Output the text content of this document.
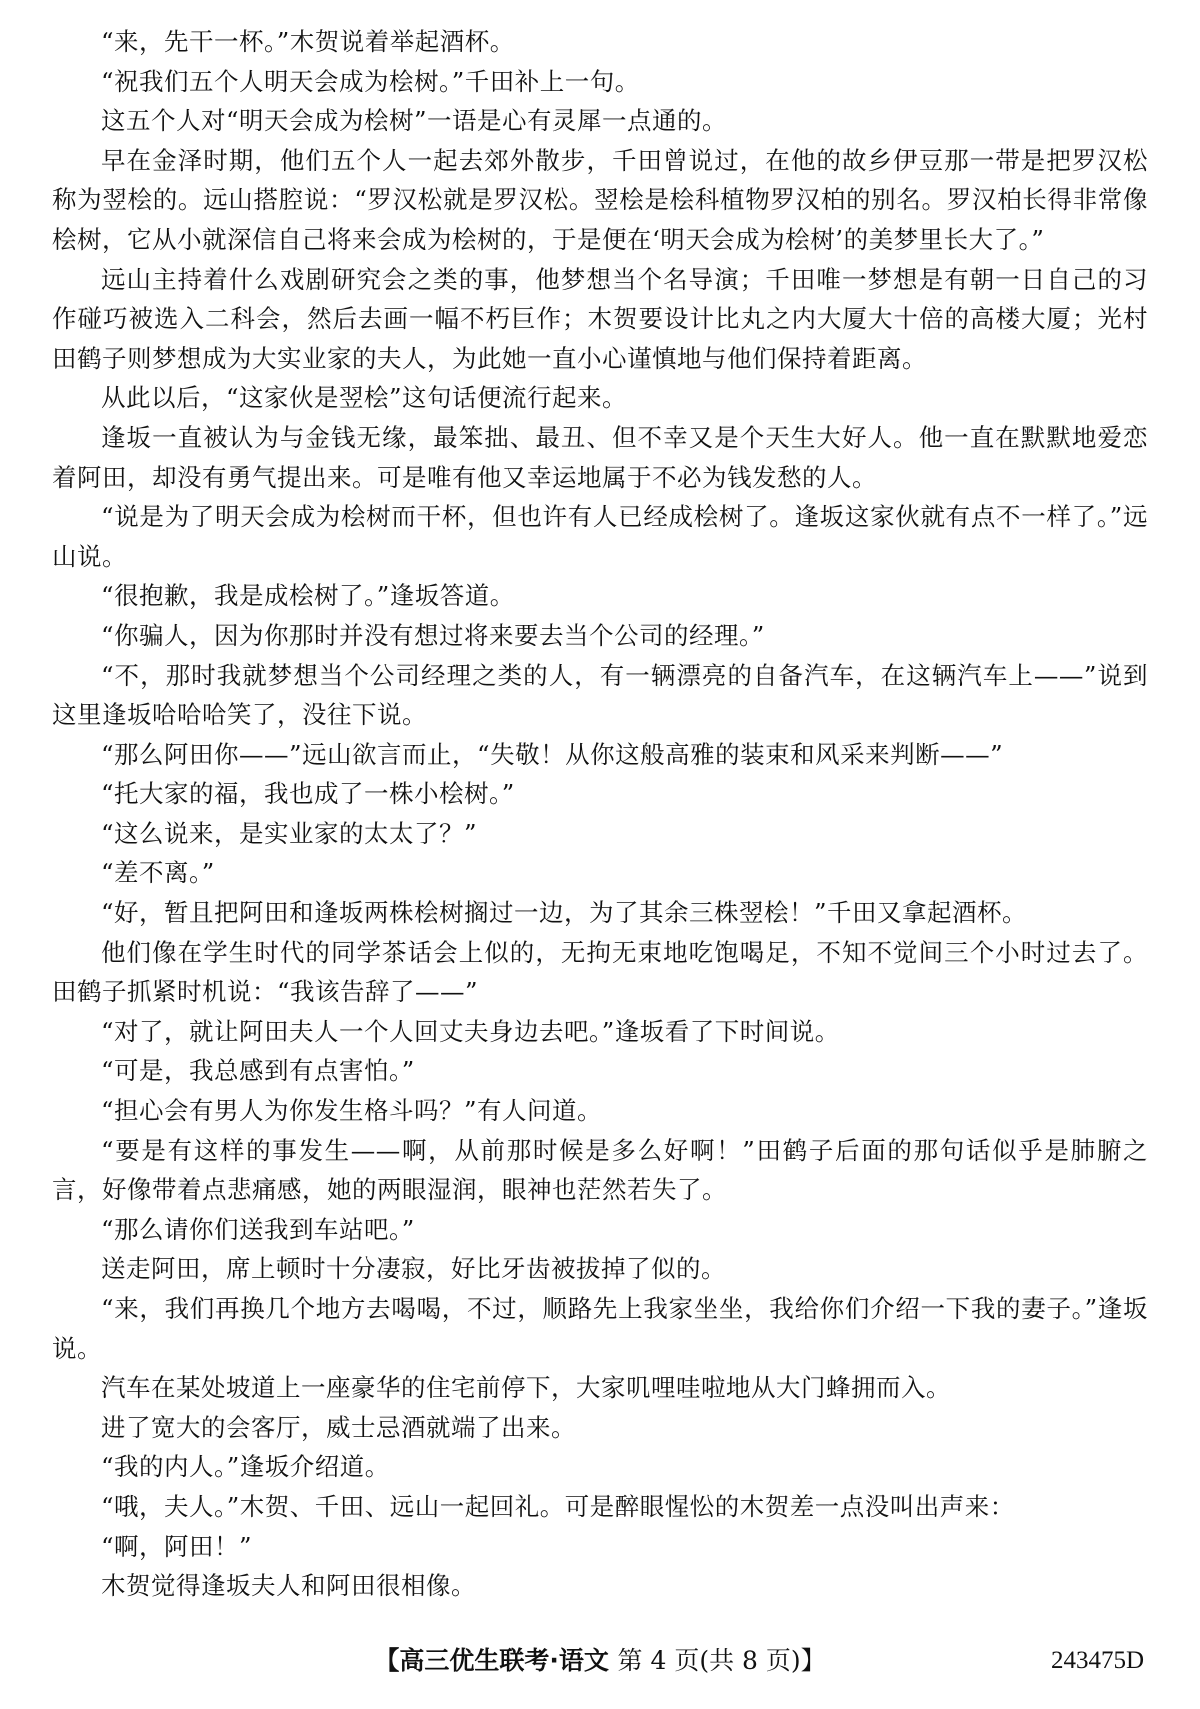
“来，先干一杯。”木贺说着举起酒杯。

“祝我们五个人明天会成为桧树。”千田补上一句。

这五个人对“明天会成为桧树”一语是心有灵犀一点通的。

早在金泽时期，他们五个人一起去郊外散步，千田曾说过，在他的故乡伊豆那一带是把罗汉松称为翌桧的。远山搭腔说：“罗汉松就是罗汉松。翌桧是桧科植物罗汉柏的别名。罗汉柏长得非常像桧树，它从小就深信自己将来会成为桧树的，于是便在‘明天会成为桧树’的美梦里长大了。”

远山主持着什么戏剧研究会之类的事，他梦想当个名导演；千田唯一梦想是有朝一日自己的习作碰巧被选入二科会，然后去画一幅不朽巨作；木贺要设计比丸之内大厦大十倍的高楼大厦；光村田鹤子则梦想成为大实业家的夫人，为此她一直小心谨慎地与他们保持着距离。

从此以后，“这家伙是翌桧”这句话便流行起来。

逢坂一直被认为与金钱无缘，最笨拙、最丑、但不幸又是个天生大好人。他一直在默默地爱恋着阿田，却没有勇气提出来。可是唯有他又幸运地属于不必为钱发愁的人。

“说是为了明天会成为桧树而干杯，但也许有人已经成桧树了。逢坂这家伙就有点不一样了。”远山说。

“很抱歉，我是成桧树了。”逢坂答道。

“你骗人，因为你那时并没有想过将来要去当个公司的经理。”

“不，那时我就梦想当个公司经理之类的人，有一辆漂亮的自备汽车，在这辆汽车上——”说到这里逢坂哈哈哈笑了，没往下说。

“那么阿田你——”远山欲言而止，“失敬！从你这般高雅的装束和风采来判断——”

“托大家的福，我也成了一株小桧树。”

“这么说来，是实业家的太太了？”

“差不离。”

“好，暂且把阿田和逢坂两株桧树搁过一边，为了其余三株翌桧！”千田又拿起酒杯。

他们像在学生时代的同学茶话会上似的，无拘无束地吃饱喝足，不知不觉间三个小时过去了。田鹤子抓紧时机说：“我该告辞了——”

“对了，就让阿田夫人一个人回丈夫身边去吧。”逢坂看了下时间说。

“可是，我总感到有点害怕。”

“担心会有男人为你发生格斗吗？”有人问道。

“要是有这样的事发生——啊，从前那时候是多么好啊！”田鹤子后面的那句话似乎是肺腑之言，好像带着点悲痛感，她的两眼湿润，眼神也茫然若失了。

“那么请你们送我到车站吧。”

送走阿田，席上顿时十分凄寂，好比牙齿被拔掉了似的。

“来，我们再换几个地方去喝喝，不过，顺路先上我家坐坐，我给你们介绍一下我的妻子。”逢坂说。

汽车在某处坡道上一座豪华的住宅前停下，大家叽哩哇啦地从大门蜂拥而入。

进了宽大的会客厅，威士忌酒就端了出来。

“我的内人。”逢坂介绍道。

“哦，夫人。”木贺、千田、远山一起回礼。可是醉眼惺忪的木贺差一点没叫出声来：

“啊，阿田！”

木贺觉得逢坂夫人和阿田很相像。

【高三优生联考·语文 第 4 页(共 8 页)】	243475D
